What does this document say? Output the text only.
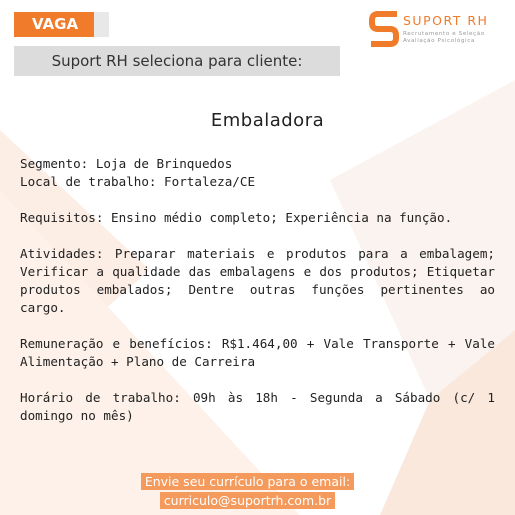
VAGA
Suport RH seleciona para cliente:
SUPORT RH
Recrutamento e Seleção
Avaliação Psicológica
Embaladora

Segmento: Loja de Brinquedos

Local de trabalho: Fortaleza/CE

Requisitos: Ensino médio completo; Experiência na função.

Atividades: Preparar materiais e produtos para a embalagem; Verificar a qualidade das embalagens e dos produtos; Etiquetar produtos embalados; Dentre outras funções pertinentes ao cargo.

Remuneração e benefícios: R$1.464,00 + Vale Transporte + Vale Alimentação + Plano de Carreira

Horário de trabalho: 09h às 18h - Segunda a Sábado (c/ 1 domingo no mês)

Envie seu currículo para o email:
curriculo@suportrh.com.br
